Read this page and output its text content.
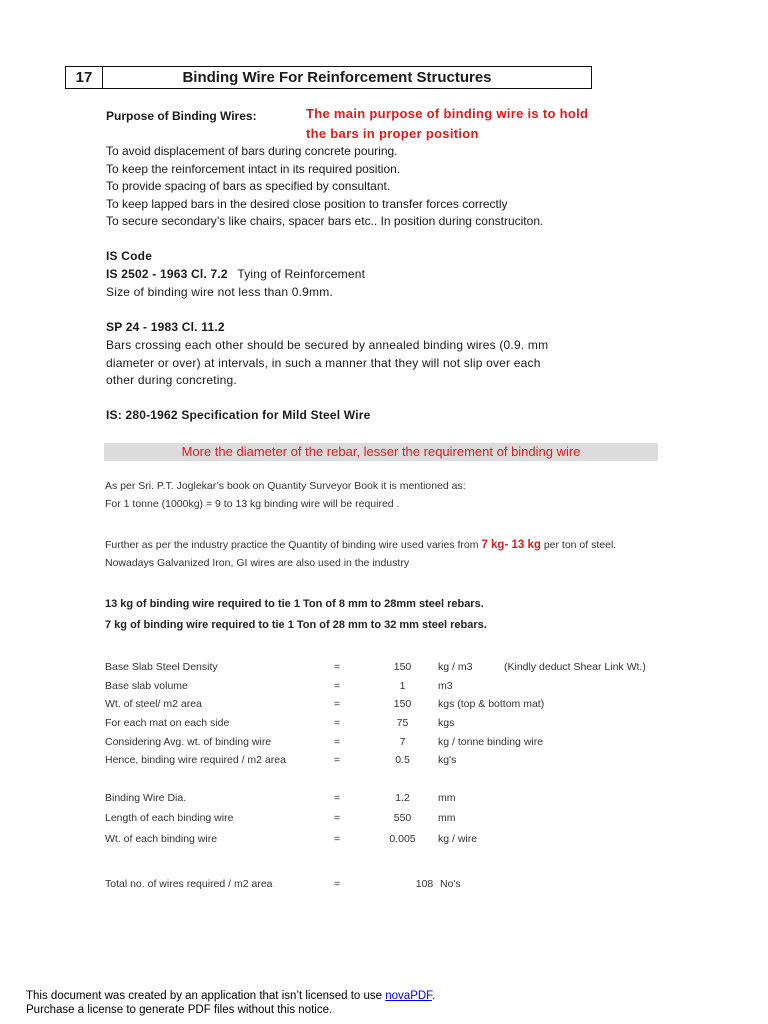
17	Binding Wire For Reinforcement Structures
Purpose of Binding Wires:	The main purpose of binding wire is to hold
the bars in proper position
To avoid displacement of bars during concrete pouring.
To keep the reinforcement intact in its required position.
To provide spacing of bars as specified by consultant.
To keep lapped bars in the desired close position to transfer forces correctly
To secure secondary’s like chairs, spacer bars etc.. In position during construciton.
IS Code
IS 2502 - 1963 Cl. 7.2 Tying of Reinforcement
Size of binding wire not less than 0.9mm.
SP 24 - 1983 Cl. 11.2
Bars crossing each other should be secured by annealed binding wires (0.9. mm
diameter or over) at intervals, in such a manner that they will not slip over each
other during concreting.
IS: 280-1962 Specification for Mild Steel Wire
More the diameter of the rebar, lesser the requirement of binding wire
As per Sri. P.T. Joglekar’s book on Quantity Surveyor Book it is mentioned as:
For 1 tonne (1000kg) = 9 to 13 kg binding wire will be required .
Further as per the industry practice the Quantity of binding wire used varies from 7 kg- 13 kg per ton of steel.
Nowadays Galvanized Iron, GI wires are also used in the industry
13 kg of binding wire required to tie 1 Ton of 8 mm to 28mm steel rebars.
7 kg of binding wire required to tie 1 Ton of 28 mm to 32 mm steel rebars.
Base Slab Steel Density	=	150	kg / m3	(Kindly deduct Shear Link Wt.)
Base slab volume	=	1	m3
Wt. of steel/ m2 area	=	150	kgs (top & bottom mat)
For each mat on each side	=	75	kgs
Considering Avg. wt. of binding wire	=	7	kg / tonne binding wire
Hence, binding wire required / m2 area	=	0.5	kg's
Binding Wire Dia.	=	1.2	mm
Length of each binding wire	=	550	mm
Wt. of each binding wire	=	0.005	kg / wire
Total no. of wires required / m2 area	=	108 No's
This document was created by an application that isn’t licensed to use novaPDF.
Purchase a license to generate PDF files without this notice.
